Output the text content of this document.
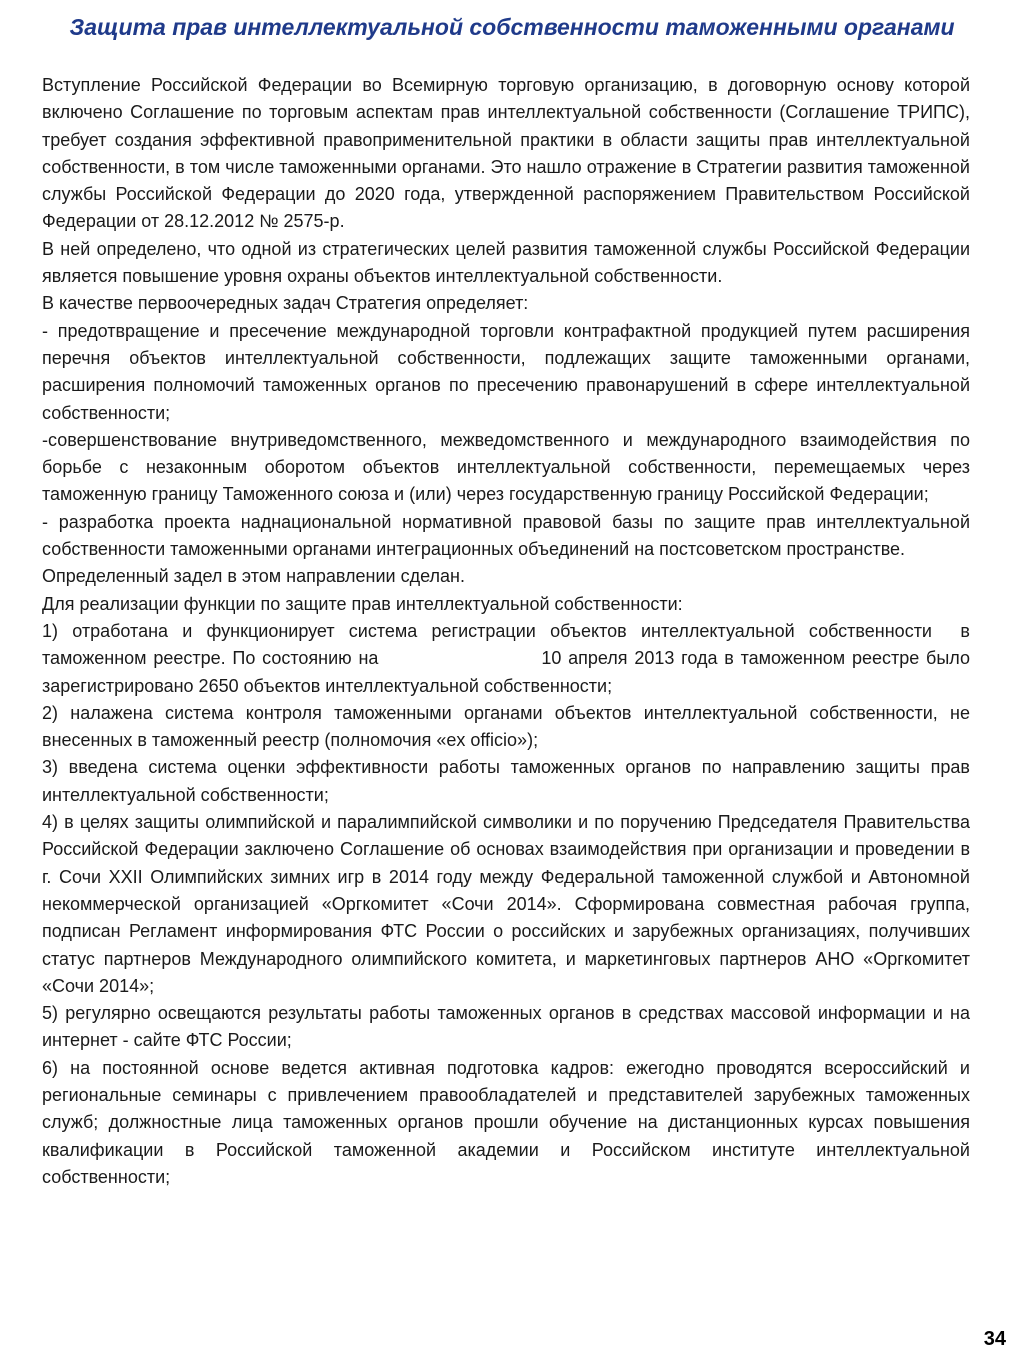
Защита прав интеллектуальной собственности таможенными органами

Вступление Российской Федерации во Всемирную торговую организацию, в договорную основу которой включено Соглашение по торговым аспектам прав интеллектуальной собственности (Соглашение ТРИПС), требует создания эффективной правоприменительной практики в области защиты прав интеллектуальной собственности, в том числе таможенными органами. Это нашло отражение в Стратегии развития таможенной службы Российской Федерации до 2020 года, утвержденной распоряжением Правительством Российской Федерации от 28.12.2012 № 2575-р.

В ней определено, что одной из стратегических целей развития таможенной службы Российской Федерации является повышение уровня охраны объектов интеллектуальной собственности.

В качестве первоочередных задач Стратегия определяет:

- предотвращение и пресечение международной торговли контрафактной продукцией путем расширения перечня объектов интеллектуальной собственности, подлежащих защите таможенными органами, расширения полномочий таможенных органов по пресечению правонарушений в сфере интеллектуальной собственности;

-совершенствование внутриведомственного, межведомственного и международного взаимодействия по борьбе с незаконным оборотом объектов интеллектуальной собственности, перемещаемых через таможенную границу Таможенного союза и (или) через государственную границу Российской Федерации;

- разработка проекта наднациональной нормативной правовой базы по защите прав интеллектуальной собственности таможенными органами интеграционных объединений на постсоветском пространстве.

Определенный задел в этом направлении сделан.

Для реализации функции по защите прав интеллектуальной собственности:

1) отработана и функционирует система регистрации объектов интеллектуальной собственности  в таможенном реестре. По состоянию на                        10 апреля 2013 года в таможенном реестре было зарегистрировано 2650 объектов интеллектуальной собственности;

2) налажена система контроля таможенными органами объектов интеллектуальной собственности, не внесенных в таможенный реестр (полномочия «ex officio»);

3) введена система оценки эффективности работы таможенных органов по направлению защиты прав интеллектуальной собственности;

4) в целях защиты олимпийской и паралимпийской символики и по поручению Председателя Правительства Российской Федерации заключено Соглашение об основах взаимодействия при организации и проведении в г. Сочи XXII Олимпийских зимних игр в 2014 году между Федеральной таможенной службой и Автономной некоммерческой организацией «Оргкомитет «Сочи 2014». Сформирована совместная рабочая группа, подписан Регламент информирования ФТС России о российских и зарубежных организациях, получивших статус партнеров Международного олимпийского комитета, и маркетинговых партнеров АНО «Оргкомитет «Сочи 2014»;

5) регулярно освещаются результаты работы таможенных органов в средствах массовой информации и на интернет - сайте ФТС России;

6) на постоянной основе ведется активная подготовка кадров: ежегодно проводятся всероссийский и региональные семинары с привлечением правообладателей и представителей зарубежных таможенных служб; должностные лица таможенных органов прошли обучение на дистанционных курсах повышения квалификации в Российской таможенной академии и Российском институте интеллектуальной собственности;

34
